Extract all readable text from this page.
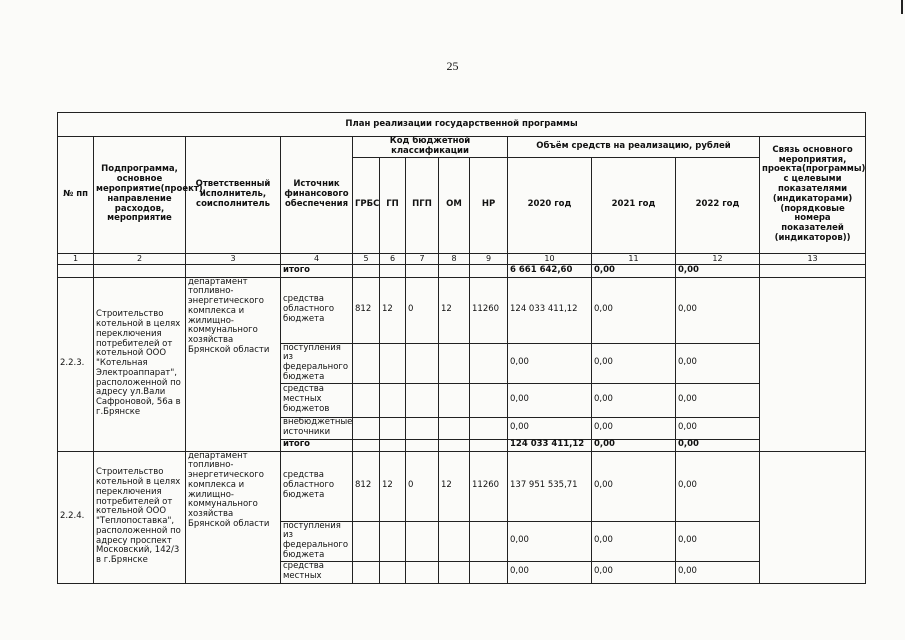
25
План реализации государственной программы												
№ пп	Подпрограмма, основное мероприятие(проект), направление расходов, мероприятие	Ответственный исполнитель, соисполнитель	Источник финансового обеспечения	Код бюджетной классификации					Объём средств на реализацию, рублей			Связь основного мероприятия, проекта(программы) с целевыми показателями (индикаторами) (порядковые номера показателей (индикаторов))
				ГРБС	ГП	ПГП	ОМ	НР	2020 год	2021 год	2022 год	
1	2	3	4	5	6	7	8	9	10	11	12	13
			итого						6 661 642,60	0,00	0,00	
2.2.3.	Строительство котельной в целях переключения потребителей от котельной ООО "Котельная Электроаппарат", расположенной по адресу ул.Вали Сафроновой, 56а в г.Брянске	департамент топливно-энергетического комплекса и жилищно-коммунального хозяйства Брянской области	средства областного бюджета	812	12	0	12	11260	124 033 411,12	0,00	0,00	
			поступления из федерального бюджета						0,00	0,00	0,00	
			средства местных бюджетов						0,00	0,00	0,00	
			внебюджетные источники						0,00	0,00	0,00	
			итого						124 033 411,12	0,00	0,00	
2.2.4.	Строительство котельной в целях переключения потребителей от котельной ООО "Теплопоставка", расположенной по адресу проспект Московский, 142/3 в г.Брянске	департамент топливно-энергетического комплекса и жилищно-коммунального хозяйства Брянской области	средства областного бюджета	812	12	0	12	11260	137 951 535,71	0,00	0,00	
			поступления из федерального бюджета						0,00	0,00	0,00	
			средства местных						0,00	0,00	0,00	
